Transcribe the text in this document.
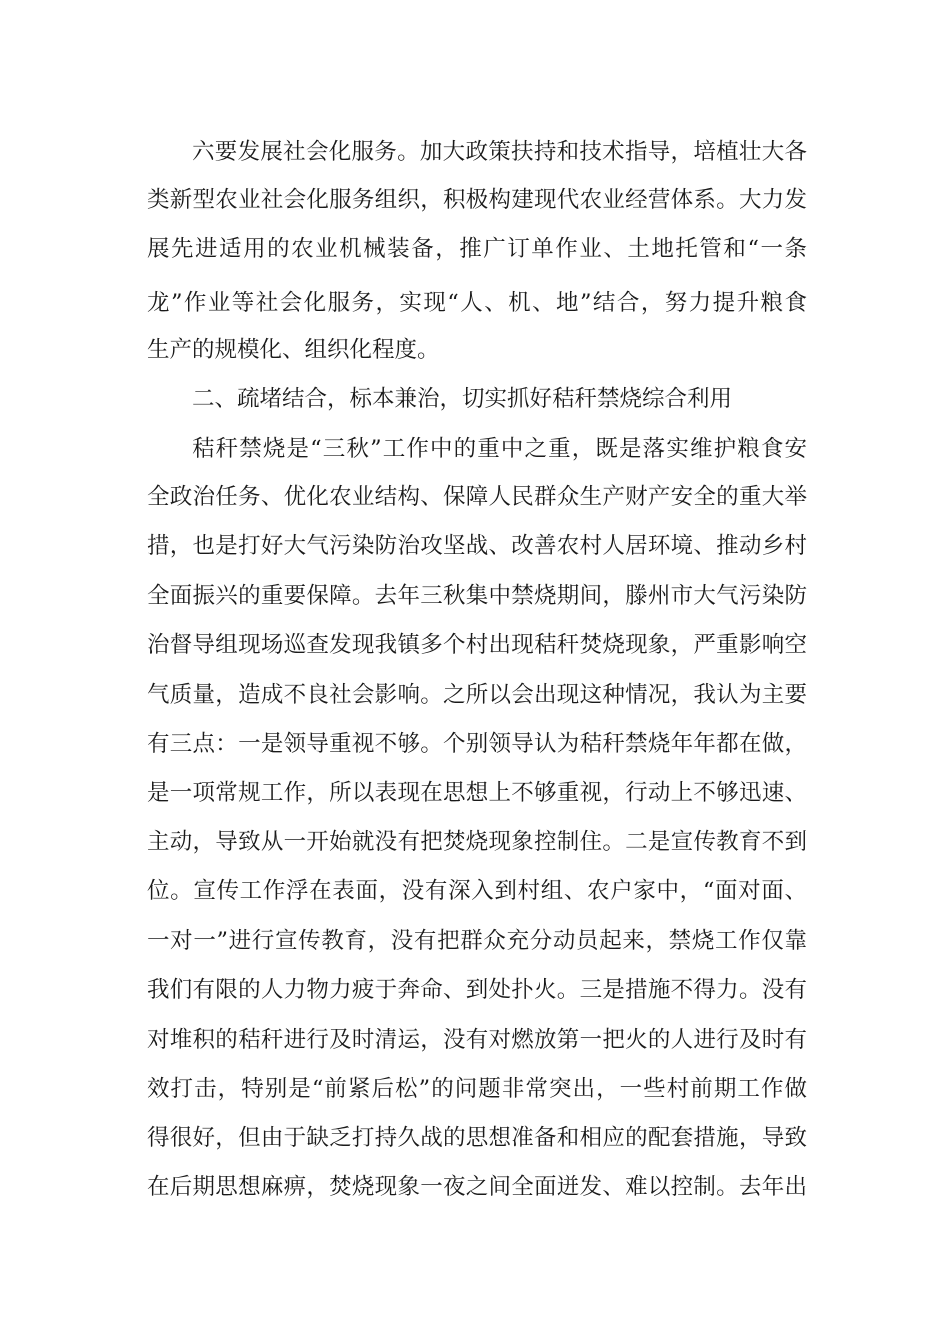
六要发展社会化服务。加大政策扶持和技术指导，培植壮大各

类新型农业社会化服务组织，积极构建现代农业经营体系。大力发

展先进适用的农业机械装备，推广订单作业、土地托管和“一条

龙”作业等社会化服务，实现“人、机、地”结合，努力提升粮食

生产的规模化、组织化程度。

二、疏堵结合，标本兼治，切实抓好秸秆禁烧综合利用

秸秆禁烧是“三秋”工作中的重中之重，既是落实维护粮食安

全政治任务、优化农业结构、保障人民群众生产财产安全的重大举

措，也是打好大气污染防治攻坚战、改善农村人居环境、推动乡村

全面振兴的重要保障。去年三秋集中禁烧期间，滕州市大气污染防

治督导组现场巡查发现我镇多个村出现秸秆焚烧现象，严重影响空

气质量，造成不良社会影响。之所以会出现这种情况，我认为主要

有三点：一是领导重视不够。个别领导认为秸秆禁烧年年都在做，

是一项常规工作，所以表现在思想上不够重视，行动上不够迅速、

主动，导致从一开始就没有把焚烧现象控制住。二是宣传教育不到

位。宣传工作浮在表面，没有深入到村组、农户家中，“面对面、

一对一”进行宣传教育，没有把群众充分动员起来，禁烧工作仅靠

我们有限的人力物力疲于奔命、到处扑火。三是措施不得力。没有

对堆积的秸秆进行及时清运，没有对燃放第一把火的人进行及时有

效打击，特别是“前紧后松”的问题非常突出，一些村前期工作做

得很好，但由于缺乏打持久战的思想准备和相应的配套措施，导致

在后期思想麻痹，焚烧现象一夜之间全面迸发、难以控制。去年出
